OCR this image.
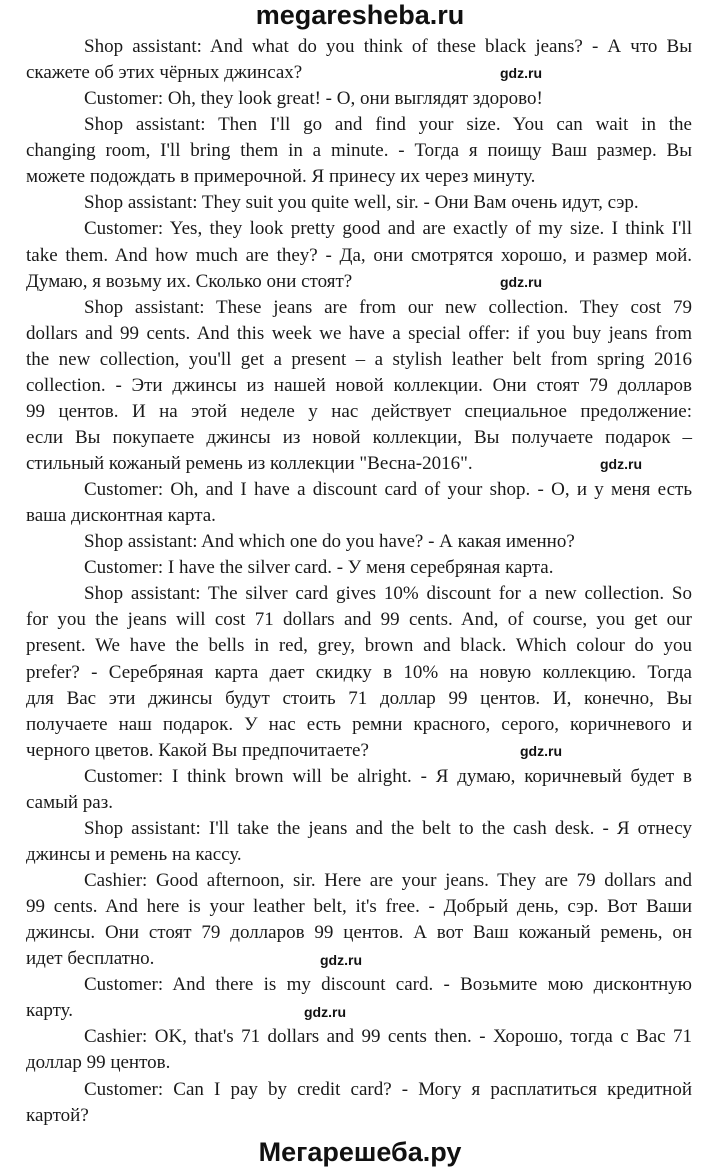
megaresheba.ru
Shop assistant: And what do you think of these black jeans? - А что Вы
скажете об этих чёрных джинсах?
Customer: Oh, they look great! - О, они выглядят здорово!
Shop assistant: Then I'll go and find your size. You can wait in the
changing room, I'll bring them in a minute. - Тогда я поищу Ваш размер. Вы
можете подождать в примерочной. Я принесу их через минуту.
Shop assistant: They suit you quite well, sir. - Они Вам очень идут, сэр.
Customer: Yes, they look pretty good and are exactly of my size. I think I'll
take them. And how much are they? - Да, они смотрятся хорошо, и размер мой.
Думаю, я возьму их. Сколько они стоят?
Shop assistant: These jeans are from our new collection. They cost 79
dollars and 99 cents. And this week we have a special offer: if you buy jeans from
the new collection, you'll get a present – a stylish leather belt from spring 2016
collection. - Эти джинсы из нашей новой коллекции. Они стоят 79 долларов
99 центов. И на этой неделе у нас действует специальное предолжение:
если Вы покупаете джинсы из новой коллекции, Вы получаете подарок –
стильный кожаный ремень из коллекции "Весна-2016".
Customer: Oh, and I have a discount card of your shop. - О, и у меня есть
ваша дисконтная карта.
Shop assistant: And which one do you have? - А какая именно?
Customer: I have the silver card. - У меня серебряная карта.
Shop assistant: The silver card gives 10% discount for a new collection. So
for you the jeans will cost 71 dollars and 99 cents. And, of course, you get our
present. We have the bells in red, grey, brown and black. Which colour do you
prefer? - Серебряная карта дает скидку в 10% на новую коллекцию. Тогда
для Вас эти джинсы будут стоить 71 доллар 99 центов. И, конечно, Вы
получаете наш подарок. У нас есть ремни красного, серого, коричневого и
черного цветов. Какой Вы предпочитаете?
Customer: I think brown will be alright. - Я думаю, коричневый будет в
самый раз.
Shop assistant: I'll take the jeans and the belt to the cash desk. - Я отнесу
джинсы и ремень на кассу.
Cashier: Good afternoon, sir. Here are your jeans. They are 79 dollars and
99 cents. And here is your leather belt, it's free. - Добрый день, сэр. Вот Ваши
джинсы. Они стоят 79 долларов 99 центов. А вот Ваш кожаный ремень, он
идет бесплатно.
Customer: And there is my discount card. - Возьмите мою дисконтную
карту.
Cashier: OK, that's 71 dollars and 99 cents then. - Хорошо, тогда с Вас 71
доллар 99 центов.
Customer: Can I pay by credit card? - Могу я расплатиться кредитной
картой?
gdz.ru
gdz.ru
gdz.ru
gdz.ru
gdz.ru
gdz.ru
Мегарешеба.ру
